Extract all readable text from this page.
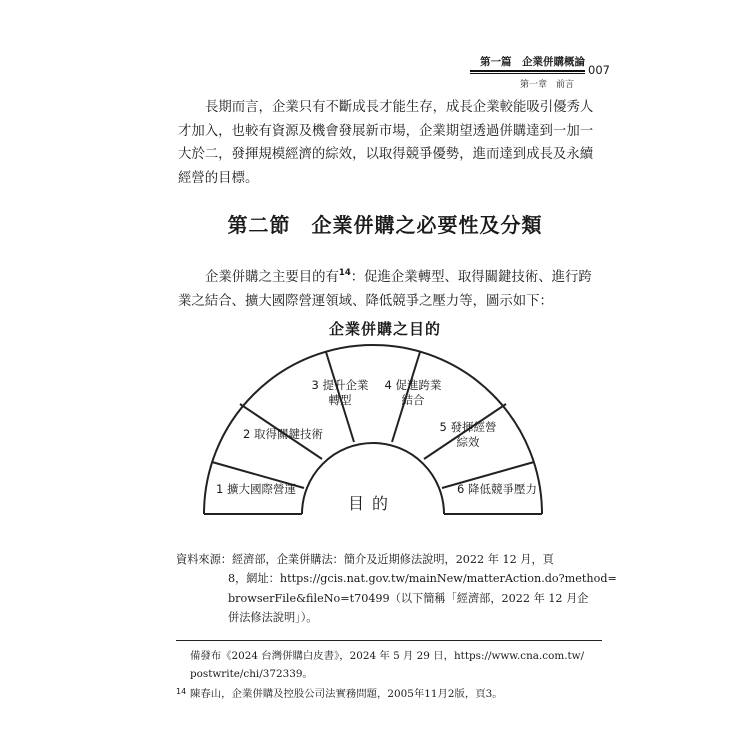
第一篇　企業併購概論
第一章　前言
007
長期而言，企業只有不斷成長才能生存，成長企業較能吸引優秀人
才加入，也較有資源及機會發展新市場，企業期望透過併購達到一加一
大於二，發揮規模經濟的綜效，以取得競爭優勢，進而達到成長及永續
經營的目標。
第二節　企業併購之必要性及分類
企業併購之主要目的有$^{14}$：促進企業轉型、取得關鍵技術、進行跨
業之結合、擴大國際營運領域、降低競爭之壓力等，圖示如下：
企業併購之目的
1 擴大國際營運
2 取得關鍵技術
3 提升企業
轉型
4 促進跨業
結合
5 發揮經營
綜效
6 降低競爭壓力
目的
資料來源：經濟部，企業併購法：簡介及近期修法說明，2022 年 12 月，頁
8，網址：https://gcis.nat.gov.tw/mainNew/matterAction.do?method=
browserFile&fileNo=t70499（以下簡稱「經濟部，2022 年 12 月企
併法修法說明」）。
備發布《2024 台灣併購白皮書》，2024 年 5 月 29 日，https://www.cna.com.tw/
postwrite/chi/372339。
14 陳春山，企業併購及控股公司法實務問題，2005年11月2版，頁3。
